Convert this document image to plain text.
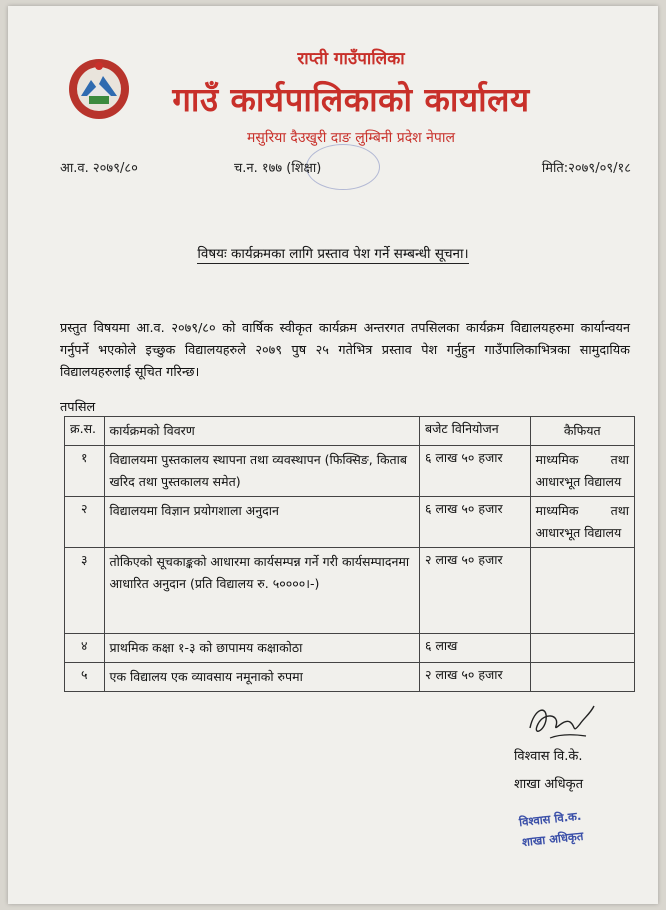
राप्ती गाउँपालिका
गाउँ कार्यपालिकाको कार्यालय
मसुरिया दैउखुरी दाङ लुम्बिनी प्रदेश नेपाल
आ.व. २०७९/८०	च.न. १७७ (शिक्षा)	मिति:२०७९/०९/१८
विषयः कार्यक्रमका लागि प्रस्ताव पेश गर्ने सम्बन्धी सूचना।
प्रस्तुत विषयमा आ.व. २०७९/८० को वार्षिक स्वीकृत कार्यक्रम अन्तरगत तपसिलका कार्यक्रम विद्यालयहरुमा कार्यान्वयन गर्नुपर्ने भएकोले इच्छुक विद्यालयहरुले २०७९ पुष २५ गतेभित्र प्रस्ताव पेश गर्नुहुन गाउँपालिकाभित्रका सामुदायिक विद्यालयहरुलाई सूचित गरिन्छ।
तपसिल
क्र.स.	कार्यक्रमको विवरण	बजेट विनियोजन	कैफियत
१	विद्यालयमा पुस्तकालय स्थापना तथा व्यवस्थापन (फिक्सिङ, किताब खरिद तथा पुस्तकालय समेत)	६ लाख ५० हजार	माध्यमिक तथा
आधारभूत विद्यालय

२	विद्यालयमा विज्ञान प्रयोगशाला अनुदान	६ लाख ५० हजार	माध्यमिक तथा
आधारभूत विद्यालय

३	तोकिएको सूचकाङ्कको आधारमा कार्यसम्पन्न गर्ने गरी कार्यसम्पादनमा आधारित अनुदान (प्रति विद्यालय रु. ५००००।-)	२ लाख ५० हजार	
४	प्राथमिक कक्षा १-३ को छापामय कक्षाकोठा	६ लाख	
५	एक विद्यालय एक व्यावसाय नमूनाको रुपमा	२ लाख ५० हजार	
विश्वास वि.के.
शाखा अधिकृत
विश्वास वि.क.
शाखा अधिकृत
